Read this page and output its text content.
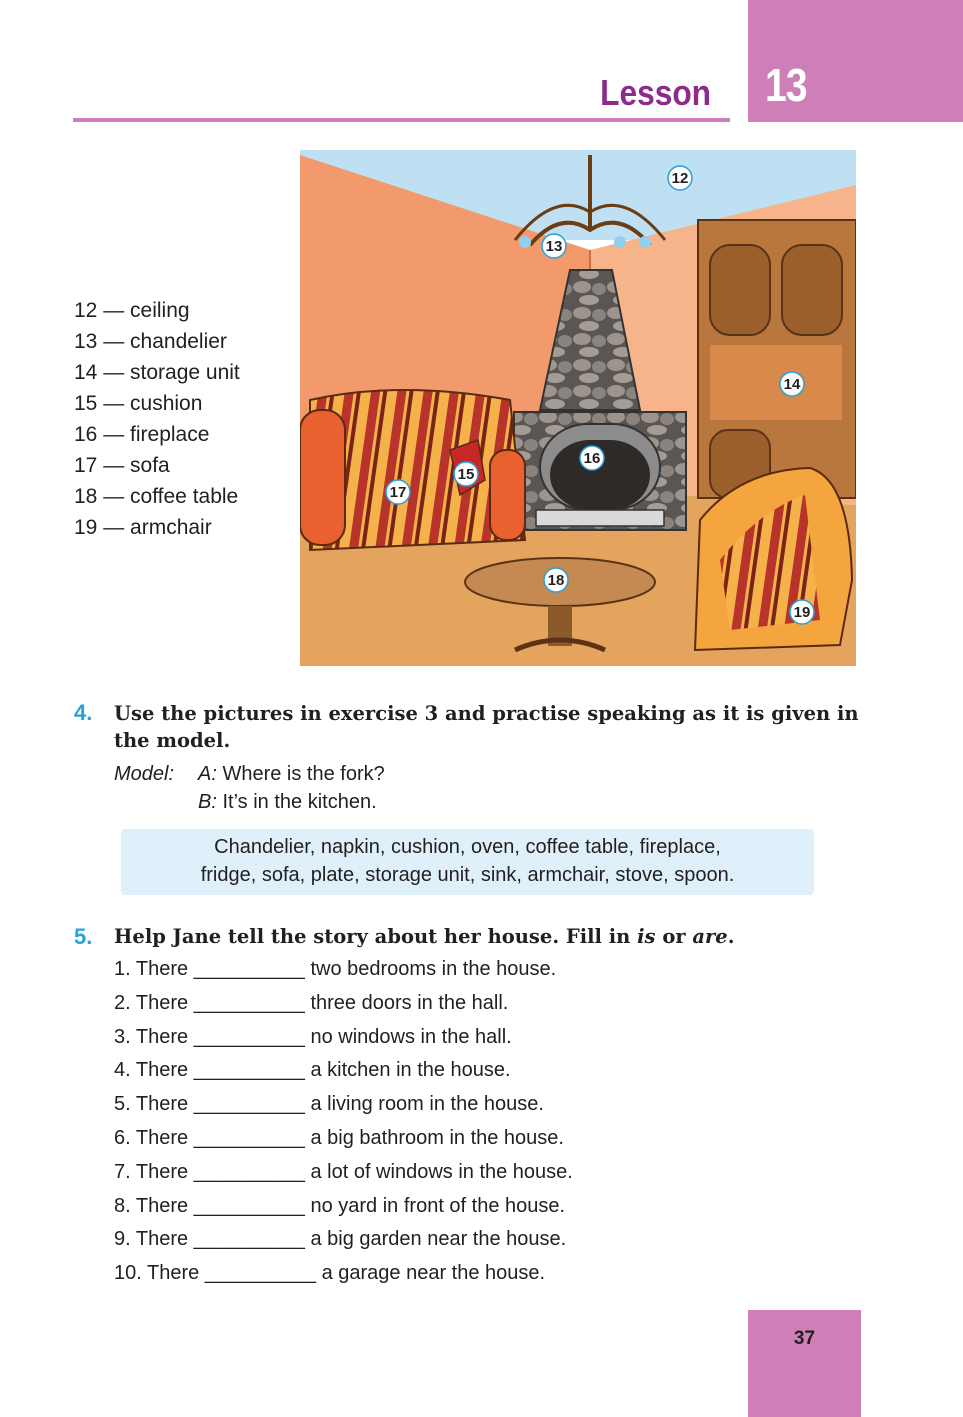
13
Lesson
12 — ceiling
13 — chandelier
14 — storage unit
15 — cushion
16 — fireplace
17 — sofa
18 — coffee table
19 — armchair
12
13
14
15
16
17
18
19
4. Use the pictures in exercise 3 and practise speaking as it is given in the model.
Model: A: Where is the fork?
B: It’s in the kitchen.
Chandelier, napkin, cushion, oven, coffee table, fireplace,
fridge, sofa, plate, storage unit, sink, armchair, stove, spoon.
5. Help Jane tell the story about her house. Fill in is or are.
1. There __________ two bedrooms in the house.
2. There __________ three doors in the hall.
3. There __________ no windows in the hall.
4. There __________ a kitchen in the house.
5. There __________ a living room in the house.
6. There __________ a big bathroom in the house.
7. There __________ a lot of windows in the house.
8. There __________ no yard in front of the house.
9. There __________ a big garden near the house.
10. There __________ a garage near the house.
37
